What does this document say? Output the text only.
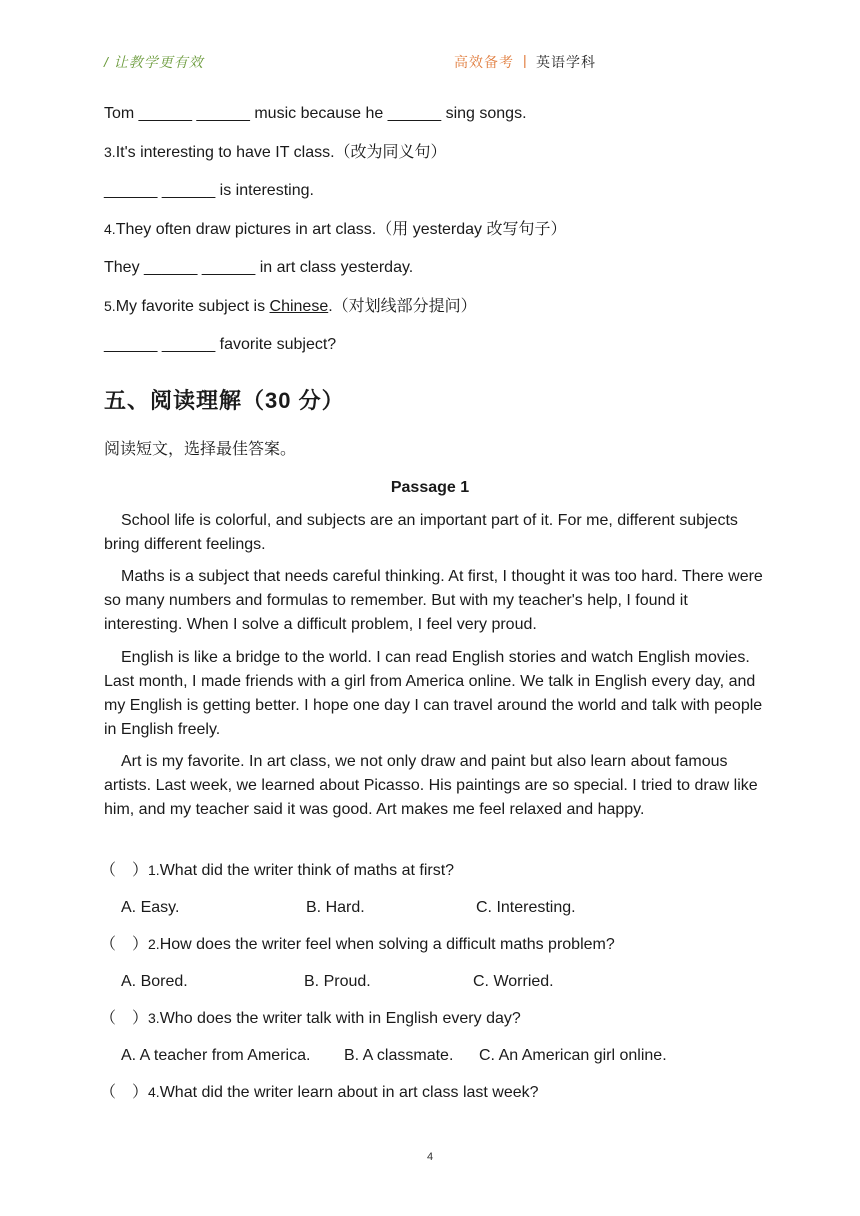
/ 让教学更有效	高效备考 | 英语学科
Tom ______ ______ music because he ______ sing songs.
3.It's interesting to have IT class.（改为同义句）
______ ______ is interesting.
4.They often draw pictures in art class.（用 yesterday 改写句子）
They ______ ______ in art class yesterday.
5.My favorite subject is Chinese.（对划线部分提问）
______ ______ favorite subject?
五、阅读理解（30 分）
阅读短文，选择最佳答案。
Passage 1
School life is colorful, and subjects are an important part of it. For me, different subjects bring different feelings.
Maths is a subject that needs careful thinking. At first, I thought it was too hard. There were so many numbers and formulas to remember. But with my teacher's help, I found it interesting. When I solve a difficult problem, I feel very proud.
English is like a bridge to the world. I can read English stories and watch English movies. Last month, I made friends with a girl from America online. We talk in English every day, and my English is getting better. I hope one day I can travel around the world and talk with people in English freely.
Art is my favorite. In art class, we not only draw and paint but also learn about famous artists. Last week, we learned about Picasso. His paintings are so special. I tried to draw like him, and my teacher said it was good. Art makes me feel relaxed and happy.
（　）1.What did the writer think of maths at first?
A. Easy.	B. Hard.	C. Interesting.
（　）2.How does the writer feel when solving a difficult maths problem?
A. Bored.	B. Proud.	C. Worried.
（　）3.Who does the writer talk with in English every day?
A. A teacher from America. B. A classmate. C. An American girl online.
（　）4.What did the writer learn about in art class last week?
4
